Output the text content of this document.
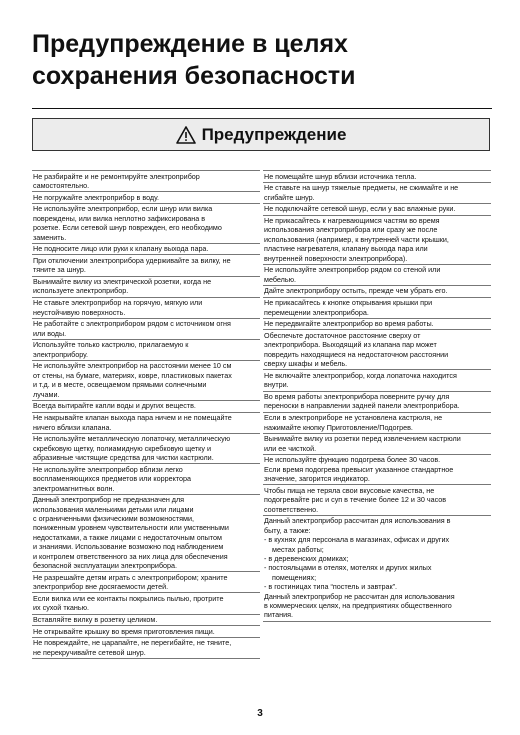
Предупреждение в целях
сохранения безопасности
Предупреждение
Не разбирайте и не ремонтируйте электроприбор
самостоятельно.
Не погружайте электроприбор в воду.
Не используйте электроприбор, если шнур или вилка
повреждены, или вилка неплотно зафиксирована в
розетке. Если сетевой шнур поврежден, его необходимо
заменить.
Не подносите лицо или руки к клапану выхода пара.
При отключении электроприбора удерживайте за вилку, не
тяните за шнур.
Вынимайте вилку из электрической розетки, когда не
используете электроприбор.
Не ставьте электроприбор на горячую, мягкую или
неустойчивую поверхность.
Не работайте с электроприбором рядом с источником огня
или воды.
Используйте только кастрюлю, прилагаемую к
электроприбору.
Не используйте электроприбор на расстоянии менее 10 см
от стены, на бумаге, материях, ковре, пластиковых пакетах
и т.д. и в месте, освещаемом прямыми солнечными
лучами.
Всегда вытирайте капли воды и других веществ.
Не накрывайте клапан выхода пара ничем и не помещайте
ничего вблизи клапана.
Не используйте металлическую лопаточку, металлическую
скребковую щетку, полиамидную скребковую щетку и
абразивные чистящие средства для чистки кастрюли.
Не используйте электроприбор вблизи легко
воспламеняющихся предметов или корректора
электромагнитных волн.
Данный электроприбор не предназначен для
использования маленькими детьми или лицами
с ограниченными физическими возможностями,
пониженным уровнем чувствительности или умственными
недостатками, а также лицами с недостаточным опытом
и знаниями. Использование возможно под наблюдением
и контролем ответственного за них лица для обеспечения
безопасной эксплуатации электроприбора.
Не разрешайте детям играть с электроприбором; храните
электроприбор вне досягаемости детей.
Если вилка или ее контакты покрылись пылью, протрите
их сухой тканью.
Вставляйте вилку в розетку целиком.
Не открывайте крышку во время приготовления пищи.
Не повреждайте, не царапайте, не перегибайте, не тяните,
не перекручивайте сетевой шнур.
Не помещайте шнур вблизи источника тепла.
Не ставьте на шнур тяжелые предметы, не сжимайте и не
сгибайте шнур.
Не подключайте сетевой шнур, если у вас влажные руки.
Не прикасайтесь к нагревающимся частям во время
использования электроприбора или сразу же после
использования (например, к внутренней части крышки,
пластине нагревателя, клапану выхода пара или
внутренней поверхности электроприбора).
Не используйте электроприбор рядом со стеной или
мебелью.
Дайте электроприбору остыть, прежде чем убрать его.
Не прикасайтесь к кнопке открывания крышки при
перемещении электроприбора.
Не передвигайте электроприбор во время работы.
Обеспечьте достаточное расстояние сверху от
электроприбора. Выходящий из клапана пар может
повредить находящиеся на недостаточном расстоянии
сверху шкафы и мебель.
Не включайте электроприбор, когда лопаточка находится
внутри.
Во время работы электроприбора поверните ручку для
переноски в направлении задней панели электроприбора.
Если в электроприборе не установлена кастрюля, не
нажимайте кнопку Приготовление/Подогрев.
Вынимайте вилку из розетки перед извлечением кастрюли
или ее чисткой.
Не используйте функцию подогрева более 30 часов.
Если время подогрева превысит указанное стандартное
значение, загорится индикатор.
Чтобы пища не теряла свои вкусовые качества, не
подогревайте рис и суп в течение более 12 и 30 часов
соответственно.
Данный электроприбор рассчитан для использования в
быту, а также:
- в кухнях для персонала в магазинах, офисах и других
местах работы;
- в деревенских домиках;
- постояльцами в отелях, мотелях и других жилых
помещениях;
- в гостиницах типа “постель и завтрак”.
Данный электроприбор не рассчитан для использования
в коммерческих целях, на предприятиях общественного
питания.
3
